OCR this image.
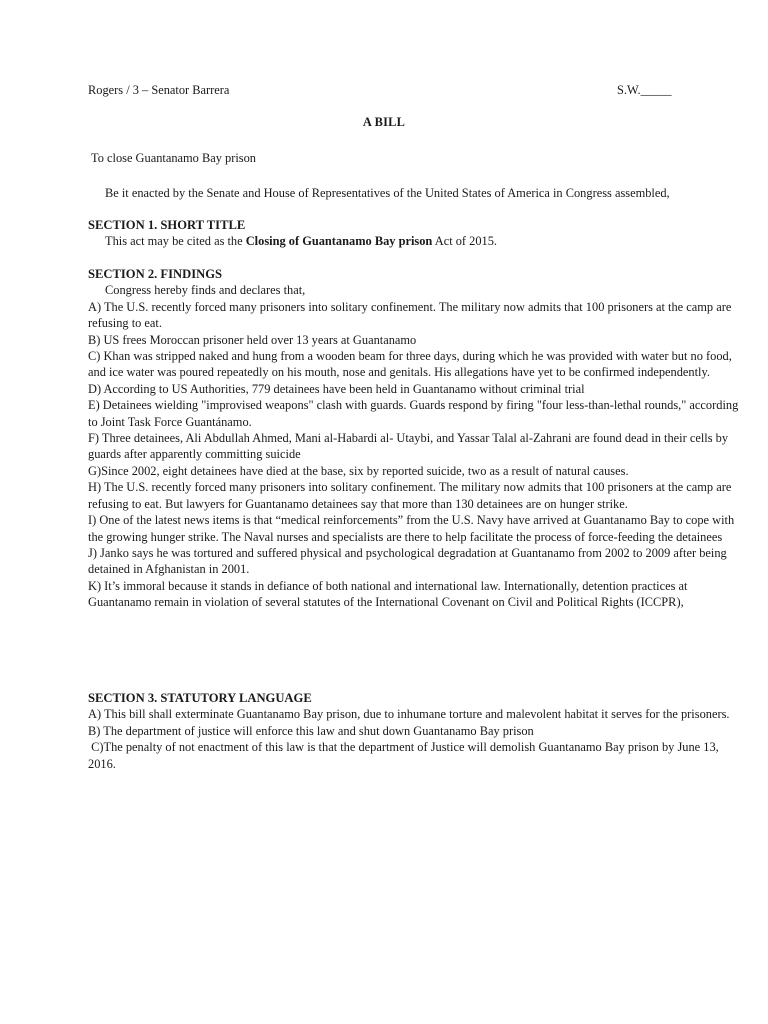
Rogers / 3 – Senator Barrera	S.W._____
A BILL
To close Guantanamo Bay prison
Be it enacted by the Senate and House of Representatives of the United States of America in Congress assembled,
SECTION 1. SHORT TITLE

This act may be cited as the Closing of Guantanamo Bay prison Act of 2015.

SECTION 2. FINDINGS

Congress hereby finds and declares that,

A) The U.S. recently forced many prisoners into solitary confinement. The military now admits that 100 prisoners at the camp are refusing to eat.

B) US frees Moroccan prisoner held over 13 years at Guantanamo

C) Khan was stripped naked and hung from a wooden beam for three days, during which he was provided with water but no food, and ice water was poured repeatedly on his mouth, nose and genitals. His allegations have yet to be confirmed independently.

D) According to US Authorities, 779 detainees have been held in Guantanamo without criminal trial

E) Detainees wielding "improvised weapons" clash with guards. Guards respond by firing "four less-than-lethal rounds," according to Joint Task Force Guantánamo.

F) Three detainees, Ali Abdullah Ahmed, Mani al-Habardi al- Utaybi, and Yassar Talal al-Zahrani are found dead in their cells by guards after apparently committing suicide

G)Since 2002, eight detainees have died at the base, six by reported suicide, two as a result of natural causes.

H) The U.S. recently forced many prisoners into solitary confinement. The military now admits that 100 prisoners at the camp are refusing to eat. But lawyers for Guantanamo detainees say that more than 130 detainees are on hunger strike.

I) One of the latest news items is that “medical reinforcements” from the U.S. Navy have arrived at Guantanamo Bay to cope with the growing hunger strike. The Naval nurses and specialists are there to help facilitate the process of force-feeding the detainees

J) Janko says he was tortured and suffered physical and psychological degradation at Guantanamo from 2002 to 2009 after being detained in Afghanistan in 2001.

K) It’s immoral because it stands in defiance of both national and international law. Internationally, detention practices at Guantanamo remain in violation of several statutes of the International Covenant on Civil and Political Rights (ICCPR),

SECTION 3. STATUTORY LANGUAGE

A) This bill shall exterminate Guantanamo Bay prison, due to inhumane torture and malevolent habitat it serves for the prisoners.

B) The department of justice will enforce this law and shut down Guantanamo Bay prison

C)The penalty of not enactment of this law is that the department of Justice will demolish Guantanamo Bay prison by June 13, 2016.
